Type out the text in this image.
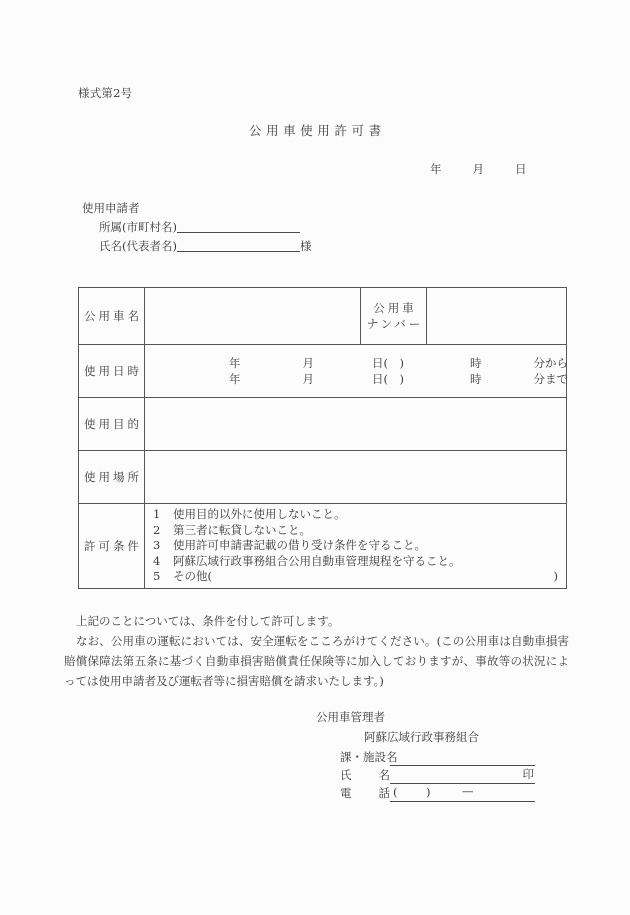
様式第2号
公用車使用許可書
年	月	日
使用申請者
所属(市町村名)
氏名(代表者名)	様
公用車名		公用車
ナンバー	

使用日時	年 月 日(　) 時 分から
年 月 日(　) 時 分まで		

使用目的			
使用場所			
許可条件	
1 使用目的以外に使用しないこと。
2 第三者に転貸しないこと。
3 使用許可申請書記載の借り受け条件を守ること。
4 阿蘇広域行政事務組合公用自動車管理規程を守ること。
5 その他(	)

上記のことについては、条件を付して許可します。

なお、公用車の運転においては、安全運転をこころがけてください。(この公用車は自動車損害賠償保障法第五条に基づく自動車損害賠償責任保険等に加入しておりますが、事故等の状況によっては使用申請者及び運転者等に損害賠償を請求いたします。)

公用車管理者
阿蘇広域行政事務組合
課・施設名
氏　　名	印
電　　話 ( )	—
